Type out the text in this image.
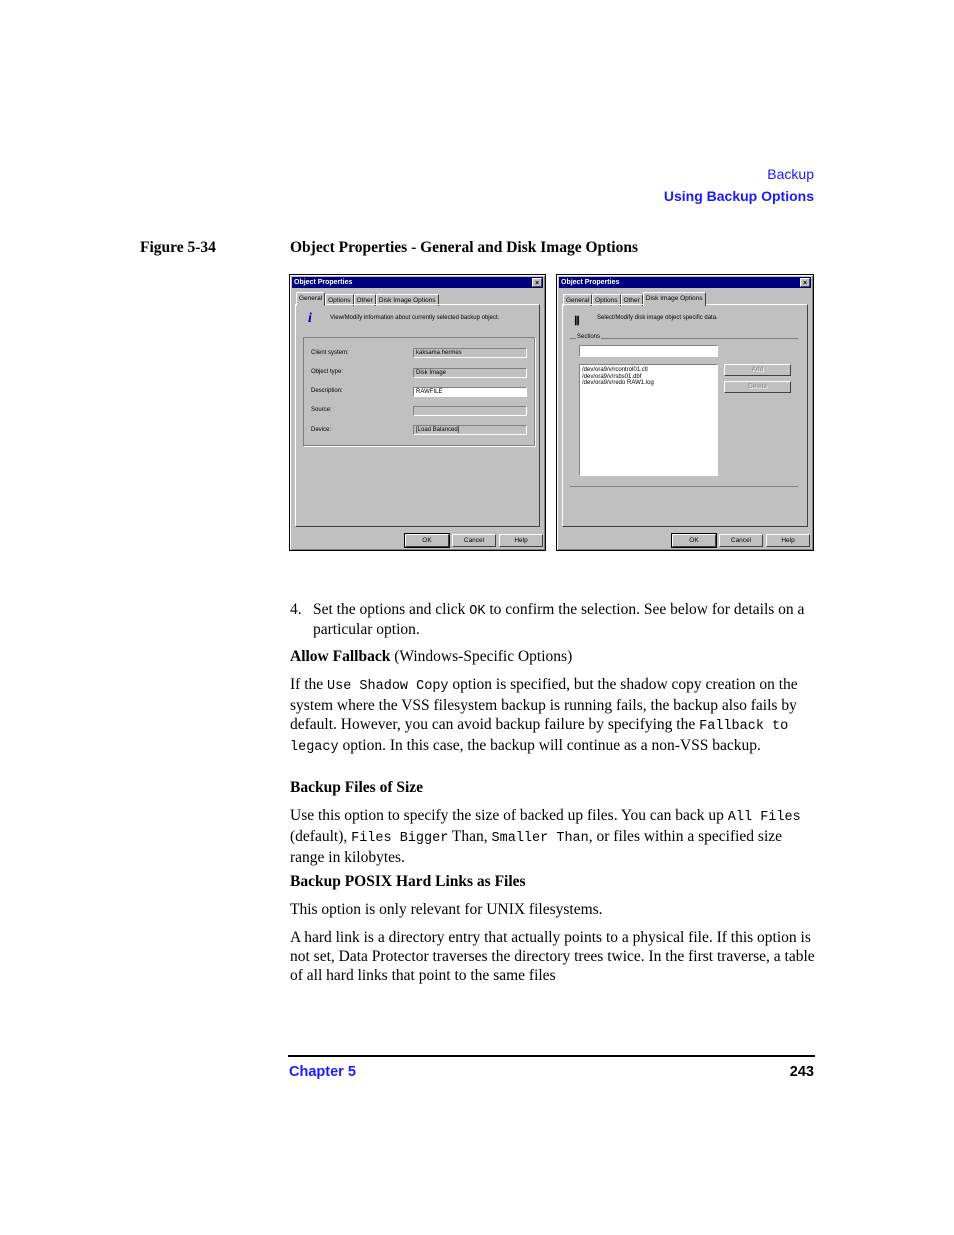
Backup
Using Backup Options
Figure 5-34	Object Properties - General and Disk Image Options
Object Properties	×
General Options Other Disk Image Options
i	View/Modify information about currently selected backup object.
Client system:	kaksama.hermes
Object type:	Disk Image
Description:	RAWFILE
Source:
Device:	[Load Balanced]
OK	Cancel	Help
Object Properties	×
General Options Other Disk Image Options
Ⅱ	Select/Modify disk image object specific data.
Sections
/dev/ora9/v/rcontrol01.ctl
/dev/ora9/v/rsbs01.dbf
/dev/ora9/v/redo RAW1.log
Add
Delete
OK	Cancel	Help
4. Set the options and click OK to confirm the selection. See below for details on a particular option.

Allow Fallback (Windows-Specific Options)

If the Use Shadow Copy option is specified, but the shadow copy creation on the system where the VSS filesystem backup is running fails, the backup also fails by default. However, you can avoid backup failure by specifying the Fallback to legacy option. In this case, the backup will continue as a non-VSS backup.

Backup Files of Size

Use this option to specify the size of backed up files. You can back up All Files (default), Files Bigger Than, Smaller Than, or files within a specified size range in kilobytes.

Backup POSIX Hard Links as Files
This option is only relevant for UNIX filesystems.
A hard link is a directory entry that actually points to a physical file. If this option is not set, Data Protector traverses the directory trees twice. In the first traverse, a table of all hard links that point to the same files
Chapter 5	243
